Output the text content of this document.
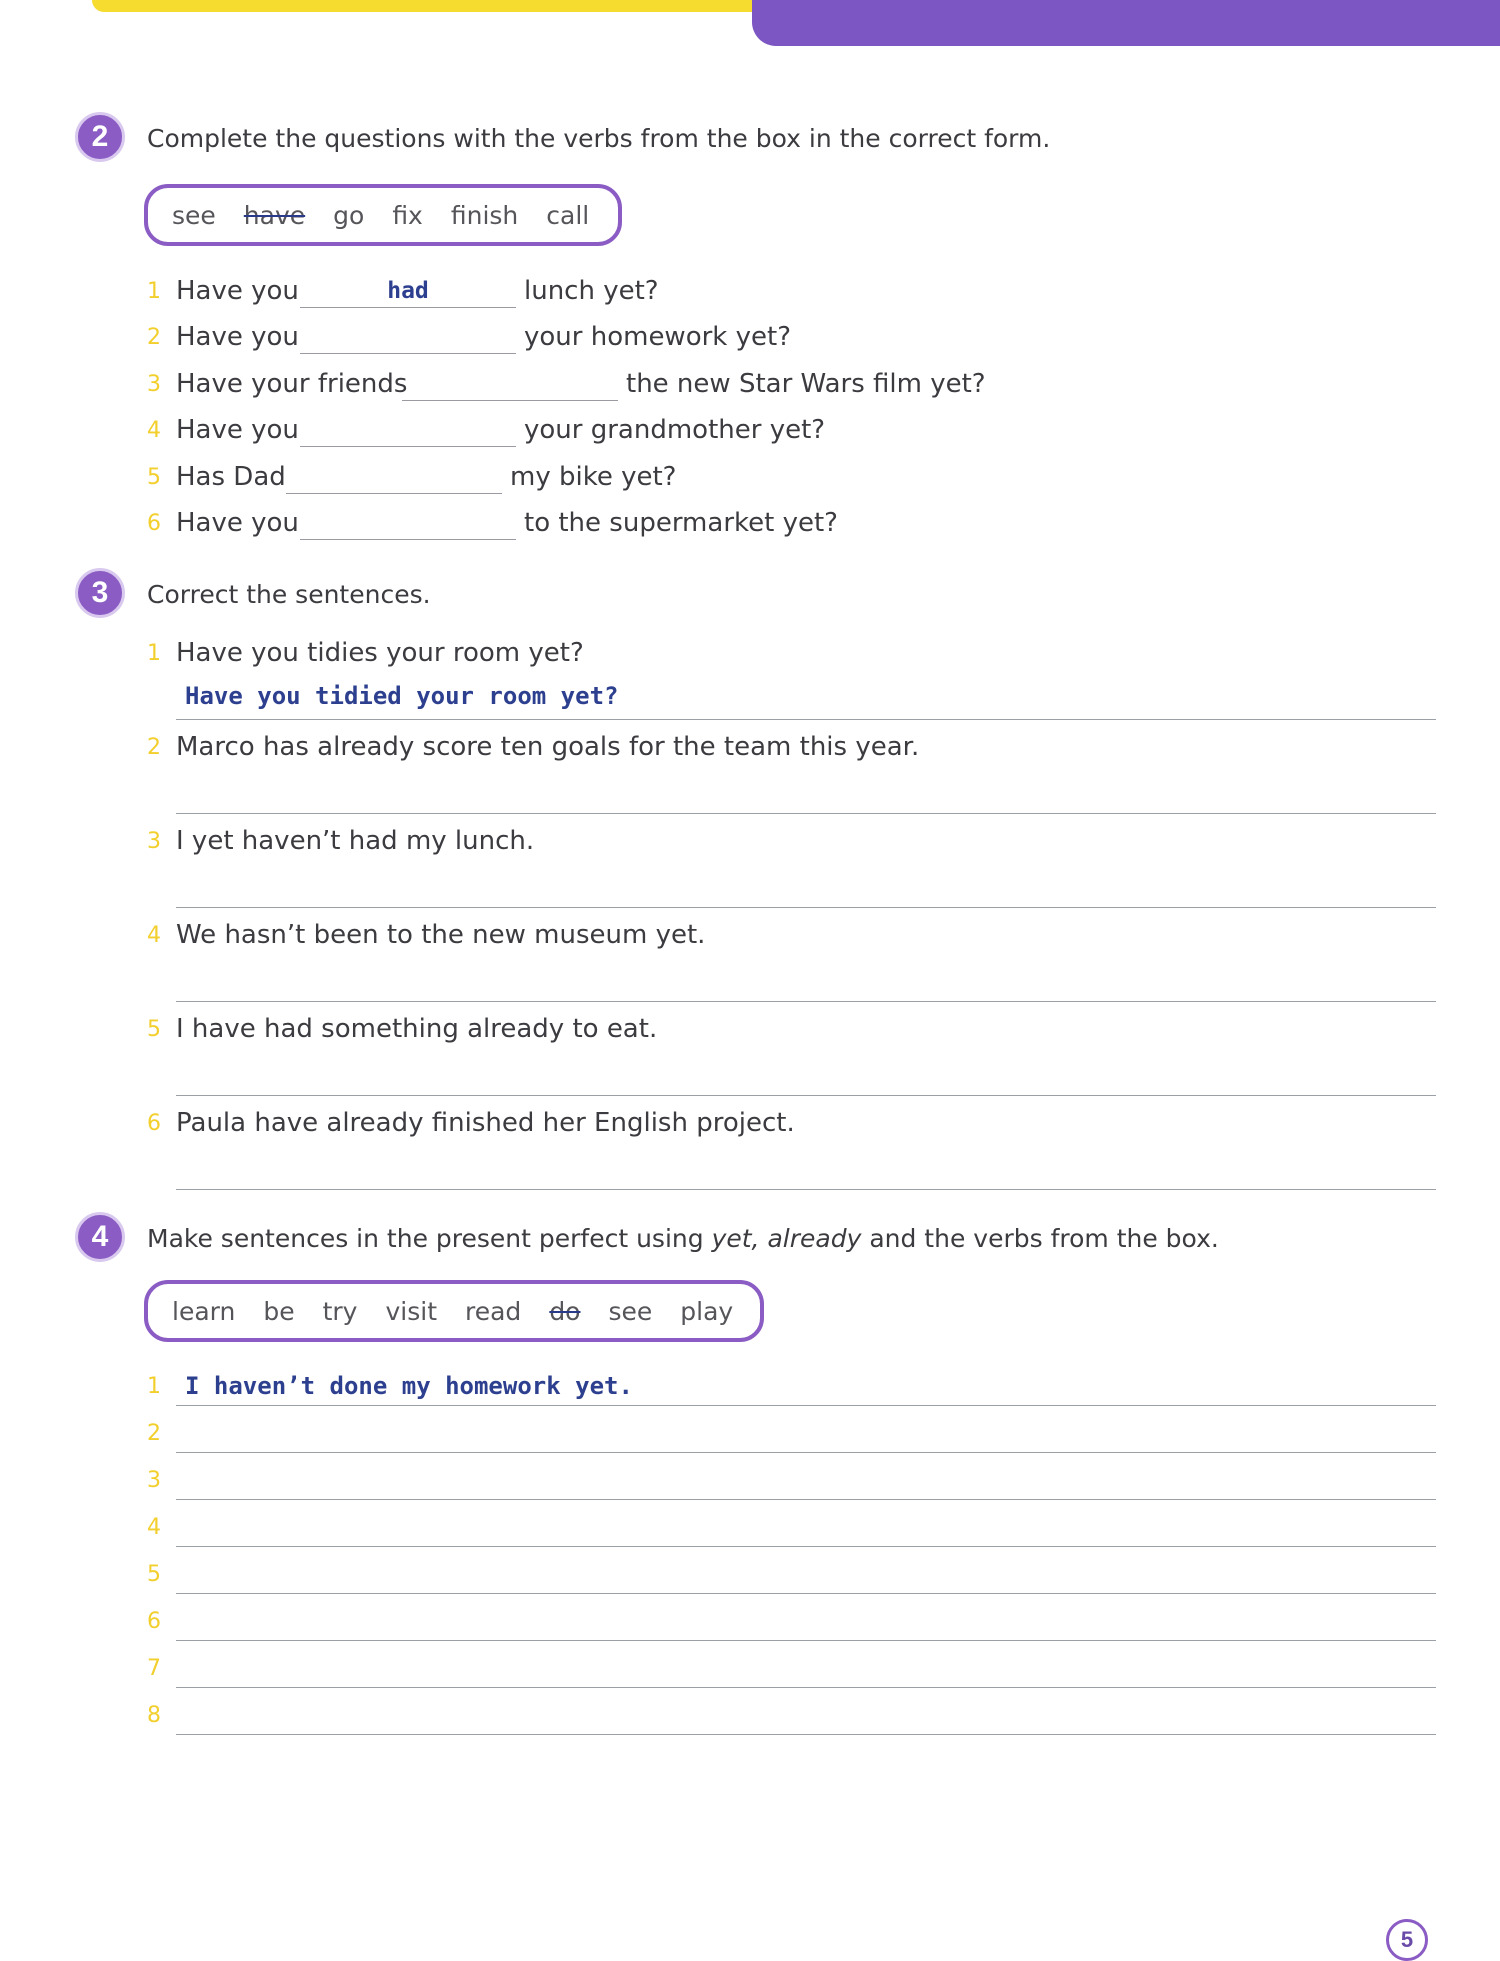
2	Complete the questions with the verbs from the box in the correct form.
see have go fix finish call
1 Have you	had	lunch yet?
2 Have you	your homework yet?
3 Have your friends	the new Star Wars film yet?
4 Have you	your grandmother yet?
5 Has Dad	my bike yet?
6 Have you	to the supermarket yet?
3	Correct the sentences.
1 Have you tidies your room yet?
Have you tidied your room yet?
2 Marco has already score ten goals for the team this year.
3 I yet haven’t had my lunch.
4 We hasn’t been to the new museum yet.
5 I have had something already to eat.
6 Paula have already finished her English project.
4	Make sentences in the present perfect using yet, already and the verbs from the box.
learn be try visit read do see play
1 I haven’t done my homework yet.
2
3
4
5
6
7
8
5
